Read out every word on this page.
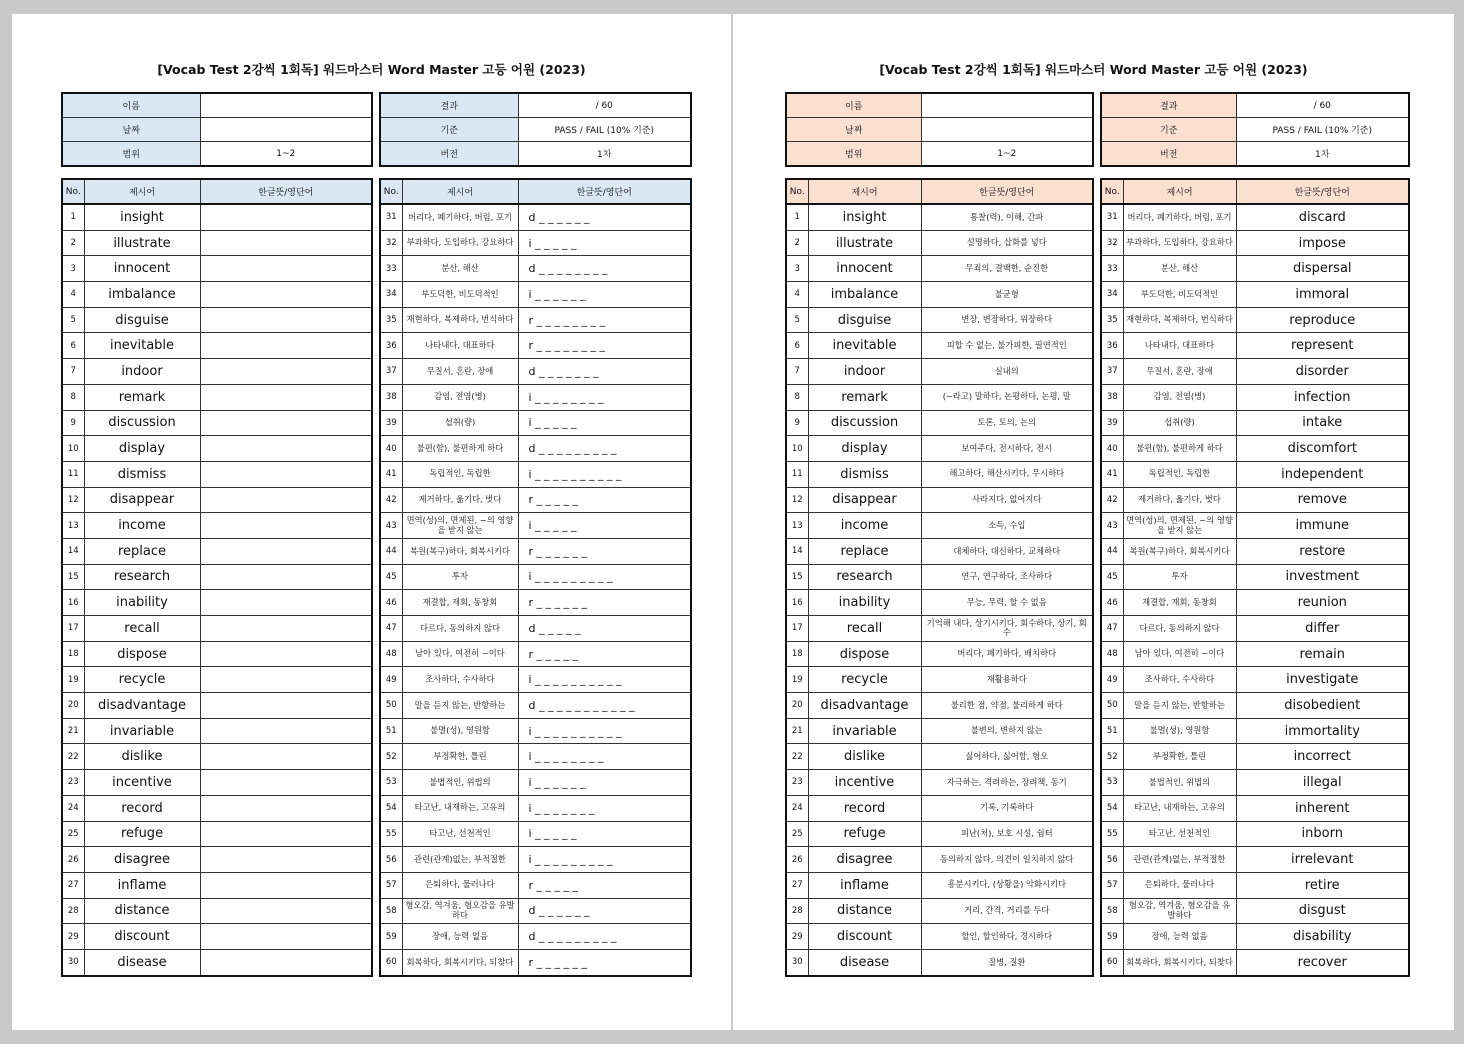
[Vocab Test 2강씩 1회독] 워드마스터 Word Master 고등 어원 (2023)
이름	
날짜	
범위	1~2
결과	/ 60
기준	PASS / FAIL (10% 기준)
버전	1차
No.	제시어	한글뜻/영단어
1	insight	
2	illustrate	
3	innocent	
4	imbalance	
5	disguise	
6	inevitable	
7	indoor	
8	remark	
9	discussion	
10	display	
11	dismiss	
12	disappear	
13	income	
14	replace	
15	research	
16	inability	
17	recall	
18	dispose	
19	recycle	
20	disadvantage	
21	invariable	
22	dislike	
23	incentive	
24	record	
25	refuge	
26	disagree	
27	inflame	
28	distance	
29	discount	
30	disease	
No.	제시어	한글뜻/영단어
31	버리다, 폐기하다, 버림, 포기	d _ _ _ _ _ _
32	부과하다, 도입하다, 강요하다	i _ _ _ _ _
33	분산, 해산	d _ _ _ _ _ _ _ _
34	부도덕한, 비도덕적인	i _ _ _ _ _ _
35	재현하다, 복제하다, 번식하다	r _ _ _ _ _ _ _ _
36	나타내다, 대표하다	r _ _ _ _ _ _ _ _
37	무질서, 혼란, 장애	d _ _ _ _ _ _ _
38	감염, 전염(병)	i _ _ _ _ _ _ _ _
39	섭취(량)	i _ _ _ _ _
40	불편(함), 불편하게 하다	d _ _ _ _ _ _ _ _ _
41	독립적인, 독립한	i _ _ _ _ _ _ _ _ _ _
42	제거하다, 옮기다, 벗다	r _ _ _ _ _
43	면역(성)의, 면제된, ~의 영향을 받지 않는	i _ _ _ _ _
44	복원(복구)하다, 회복시키다	r _ _ _ _ _ _
45	투자	i _ _ _ _ _ _ _ _ _
46	재결합, 재회, 동창회	r _ _ _ _ _ _
47	다르다, 동의하지 않다	d _ _ _ _ _
48	남아 있다, 여전히 ~이다	r _ _ _ _ _
49	조사하다, 수사하다	i _ _ _ _ _ _ _ _ _ _
50	말을 듣지 않는, 반항하는	d _ _ _ _ _ _ _ _ _ _ _
51	불멸(성), 영원함	i _ _ _ _ _ _ _ _ _ _
52	부정확한, 틀린	i _ _ _ _ _ _ _ _
53	불법적인, 위법의	i _ _ _ _ _ _
54	타고난, 내재하는, 고유의	i _ _ _ _ _ _ _
55	타고난, 선천적인	i _ _ _ _ _
56	관련(관계)없는, 부적절한	i _ _ _ _ _ _ _ _ _
57	은퇴하다, 물러나다	r _ _ _ _ _
58	혐오감, 역겨움, 혐오감을 유발하다	d _ _ _ _ _ _
59	장애, 능력 없음	d _ _ _ _ _ _ _ _ _
60	회복하다, 회복시키다, 되찾다	r _ _ _ _ _ _
[Vocab Test 2강씩 1회독] 워드마스터 Word Master 고등 어원 (2023)
이름	
날짜	
범위	1~2
결과	/ 60
기준	PASS / FAIL (10% 기준)
버전	1차
No.	제시어	한글뜻/영단어
1	insight	통찰(력), 이해, 간파
2	illustrate	설명하다, 삽화를 넣다
3	innocent	무죄의, 결백한, 순진한
4	imbalance	불균형
5	disguise	변장, 변장하다, 위장하다
6	inevitable	피할 수 없는, 불가피한, 필연적인
7	indoor	실내의
8	remark	(~라고) 말하다, 논평하다, 논평, 말
9	discussion	토론, 토의, 논의
10	display	보여주다, 전시하다, 전시
11	dismiss	해고하다, 해산시키다, 무시하다
12	disappear	사라지다, 없어지다
13	income	소득, 수입
14	replace	대체하다, 대신하다, 교체하다
15	research	연구, 연구하다, 조사하다
16	inability	무능, 무력, 할 수 없음
17	recall	기억해 내다, 상기시키다, 회수하다, 상기, 회수
18	dispose	버리다, 폐기하다, 배치하다
19	recycle	재활용하다
20	disadvantage	불리한 점, 약점, 불리하게 하다
21	invariable	불변의, 변하지 않는
22	dislike	싫어하다, 싫어함, 혐오
23	incentive	자극하는, 격려하는, 장려책, 동기
24	record	기록, 기록하다
25	refuge	피난(처), 보호 시설, 쉼터
26	disagree	동의하지 않다, 의견이 일치하지 않다
27	inflame	흥분시키다, (상황을) 악화시키다
28	distance	거리, 간격, 거리를 두다
29	discount	할인, 할인하다, 경시하다
30	disease	질병, 질환
No.	제시어	한글뜻/영단어
31	버리다, 폐기하다, 버림, 포기	discard
32	부과하다, 도입하다, 강요하다	impose
33	분산, 해산	dispersal
34	부도덕한, 비도덕적인	immoral
35	재현하다, 복제하다, 번식하다	reproduce
36	나타내다, 대표하다	represent
37	무질서, 혼란, 장애	disorder
38	감염, 전염(병)	infection
39	섭취(량)	intake
40	불편(함), 불편하게 하다	discomfort
41	독립적인, 독립한	independent
42	제거하다, 옮기다, 벗다	remove
43	면역(성)의, 면제된, ~의 영향을 받지 않는	immune
44	복원(복구)하다, 회복시키다	restore
45	투자	investment
46	재결합, 재회, 동창회	reunion
47	다르다, 동의하지 않다	differ
48	남아 있다, 여전히 ~이다	remain
49	조사하다, 수사하다	investigate
50	말을 듣지 않는, 반항하는	disobedient
51	불멸(성), 영원함	immortality
52	부정확한, 틀린	incorrect
53	불법적인, 위법의	illegal
54	타고난, 내재하는, 고유의	inherent
55	타고난, 선천적인	inborn
56	관련(관계)없는, 부적절한	irrelevant
57	은퇴하다, 물러나다	retire
58	혐오감, 역겨움, 혐오감을 유발하다	disgust
59	장애, 능력 없음	disability
60	회복하다, 회복시키다, 되찾다	recover
